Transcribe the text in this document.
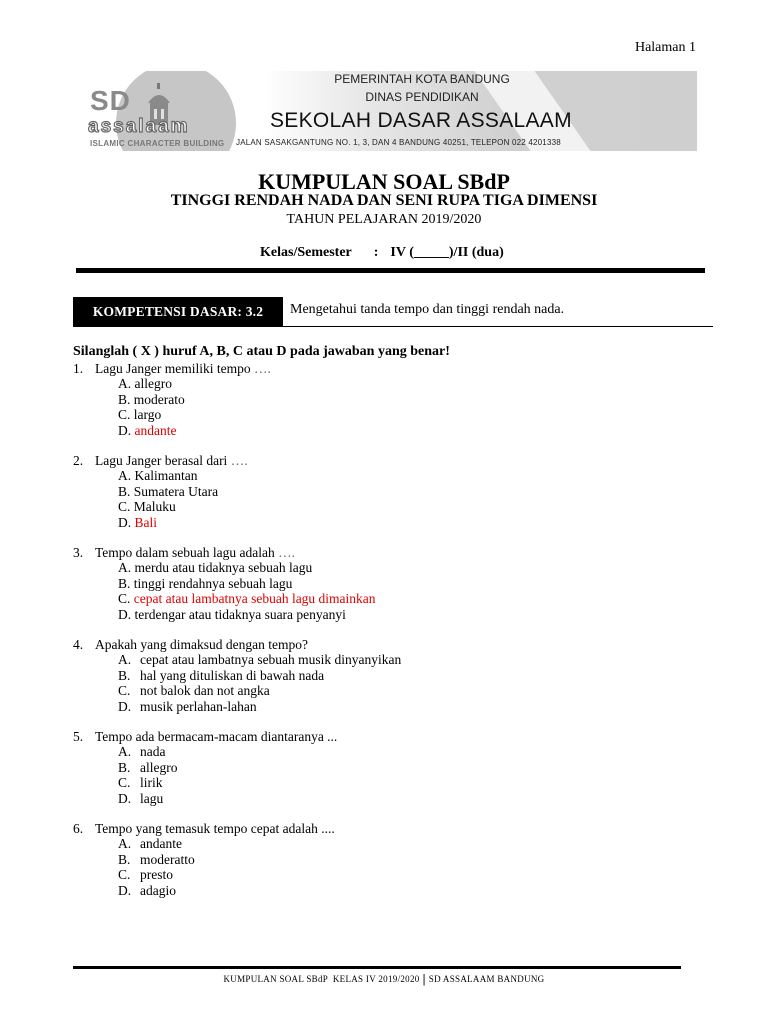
Halaman 1
SD
assalaam
ISLAMIC CHARACTER BUILDING
PEMERINTAH KOTA BANDUNG
DINAS PENDIDIKAN
SEKOLAH DASAR ASSALAAM
JALAN SASAKGANTUNG NO. 1, 3, DAN 4 BANDUNG 40251, TELEPON 022 4201338
KUMPULAN SOAL SBdP
TINGGI RENDAH NADA DAN SENI RUPA TIGA DIMENSI
TAHUN PELAJARAN 2019/2020
Kelas/Semester : IV (_____)/II (dua)
KOMPETENSI DASAR: 3.2	Mengetahui tanda tempo dan tinggi rendah nada.
Silanglah ( X ) huruf A, B, C atau D pada jawaban yang benar!
1. Lagu Janger memiliki tempo ….
A. allegro
B. moderato
C. largo
D. andante
2. Lagu Janger berasal dari ….
A. Kalimantan
B. Sumatera Utara
C. Maluku
D. Bali
3. Tempo dalam sebuah lagu adalah ….
A. merdu atau tidaknya sebuah lagu
B. tinggi rendahnya sebuah lagu
C. cepat atau lambatnya sebuah lagu dimainkan
D. terdengar atau tidaknya suara penyanyi
4. Apakah yang dimaksud dengan tempo?
A. cepat atau lambatnya sebuah musik dinyanyikan
B. hal yang dituliskan di bawah nada
C. not balok dan not angka
D. musik perlahan-lahan
5. Tempo ada bermacam-macam diantaranya ...
A. nada
B. allegro
C. lirik
D. lagu
6. Tempo yang temasuk tempo cepat adalah ....
A. andante
B. moderatto
C. presto
D. adagio
KUMPULAN SOAL SBdP  KELAS IV 2019/2020 | SD ASSALAAM BANDUNG
